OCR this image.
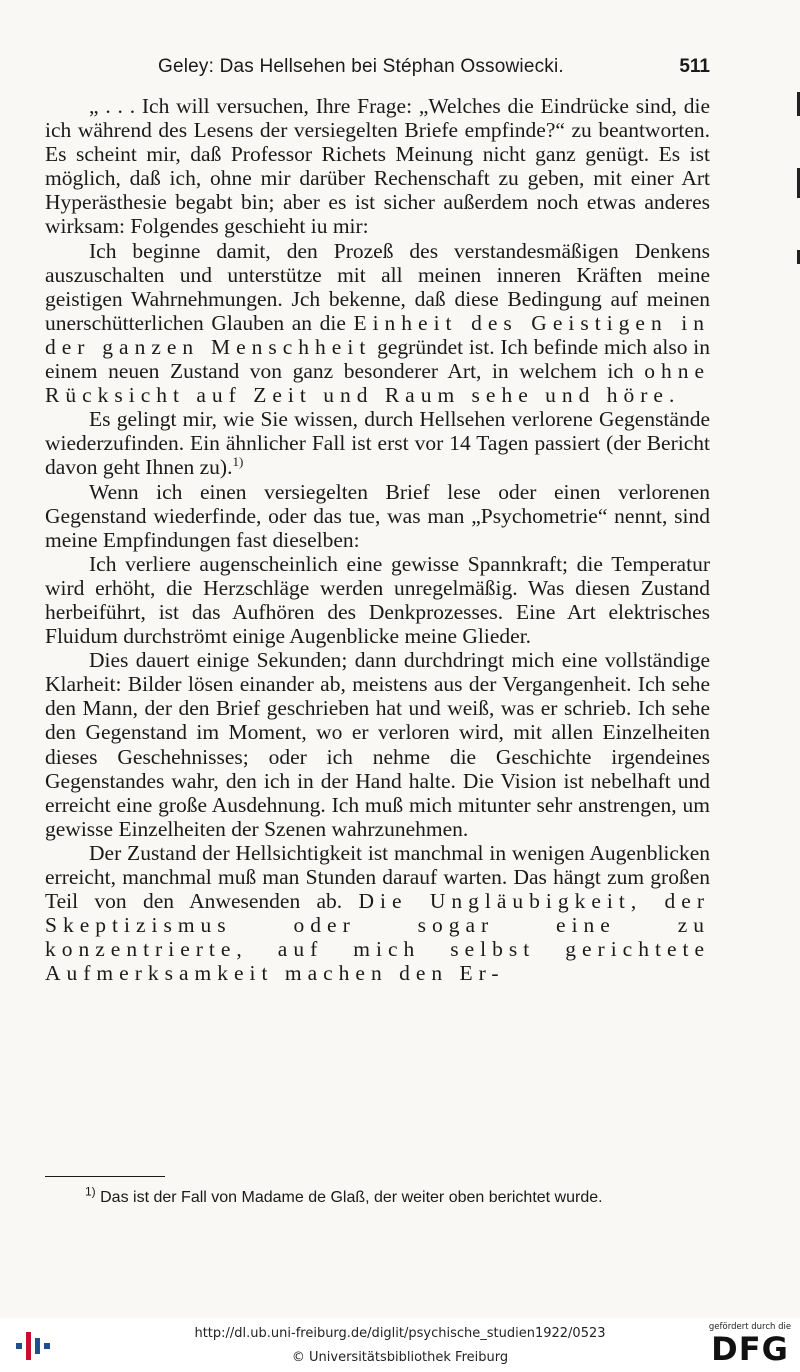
Geley: Das Hellsehen bei Stéphan Ossowiecki.	511

„ . . . Ich will versuchen, Ihre Frage: „Welches die Eindrücke sind, die ich während des Lesens der versiegelten Briefe empfinde?“ zu beantworten. Es scheint mir, daß Professor Richets Meinung nicht ganz genügt. Es ist möglich, daß ich, ohne mir darüber Rechenschaft zu geben, mit einer Art Hyperästhesie begabt bin; aber es ist sicher außerdem noch etwas anderes wirksam: Folgendes geschieht iu mir:

Ich beginne damit, den Prozeß des verstandesmäßigen Denkens auszuschalten und unterstütze mit all meinen inneren Kräften meine geistigen Wahrnehmungen. Jch bekenne, daß diese Bedingung auf meinen unerschütterlichen Glauben an die Einheit des Geistigen in der ganzen Menschheit gegründet ist. Ich befinde mich also in einem neuen Zustand von ganz besonderer Art, in welchem ich ohne Rücksicht auf Zeit und Raum sehe und höre.

Es gelingt mir, wie Sie wissen, durch Hellsehen verlorene Gegenstände wiederzufinden. Ein ähnlicher Fall ist erst vor 14 Tagen passiert (der Bericht davon geht Ihnen zu).$^{1)}$

Wenn ich einen versiegelten Brief lese oder einen verlorenen Gegenstand wiederfinde, oder das tue, was man „Psychometrie“ nennt, sind meine Empfindungen fast dieselben:

Ich verliere augenscheinlich eine gewisse Spannkraft; die Temperatur wird erhöht, die Herzschläge werden unregelmäßig. Was diesen Zustand herbeiführt, ist das Aufhören des Denkprozesses. Eine Art elektrisches Fluidum durchströmt einige Augenblicke meine Glieder.

Dies dauert einige Sekunden; dann durchdringt mich eine vollständige Klarheit: Bilder lösen einander ab, meistens aus der Vergangenheit. Ich sehe den Mann, der den Brief geschrieben hat und weiß, was er schrieb. Ich sehe den Gegenstand im Moment, wo er verloren wird, mit allen Einzelheiten dieses Geschehnisses; oder ich nehme die Geschichte irgendeines Gegenstandes wahr, den ich in der Hand halte. Die Vision ist nebelhaft und erreicht eine große Ausdehnung. Ich muß mich mitunter sehr anstrengen, um gewisse Einzelheiten der Szenen wahrzunehmen.

Der Zustand der Hellsichtigkeit ist manchmal in wenigen Augenblicken erreicht, manchmal muß man Stunden darauf warten. Das hängt zum großen Teil von den Anwesenden ab. Die Ungläubigkeit, der Skeptizismus oder sogar eine zu konzentrierte, auf mich selbst gerichtete Aufmerksamkeit machen den Er-

$^{1)}$ Das ist der Fall von Madame de Glaß, der weiter oben berichtet wurde.
http://dl.ub.uni-freiburg.de/diglit/psychische_studien1922/0523
© Universitätsbibliothek Freiburg
gefördert durch die
DFG
